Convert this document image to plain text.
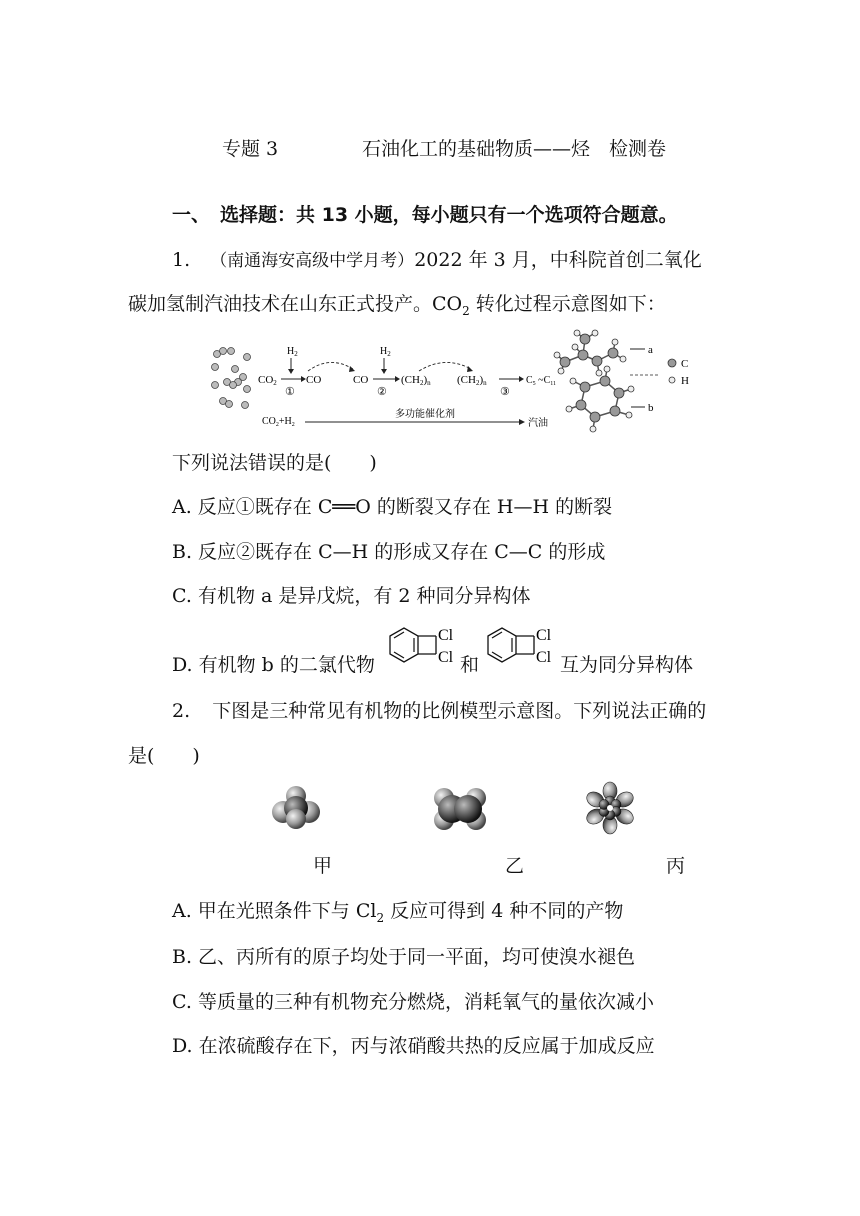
专题 3	石油化工的基础物质——烃　检测卷
一、 选择题：共 13 小题，每小题只有一个选项符合题意。
1. （南通海安高级中学月考）2022 年 3 月，中科院首创二氧化
碳加氢制汽油技术在山东正式投产。$CO_2$ 转化过程示意图如下：
$H_2$	$H_2$
CO2
①
CO	CO
②
(CH2)n (CH2)n
③
$C_5$ $\sim C_{11}$
$CO_2+H_2$
多功能催化剂
汽油
a
b
C
H
下列说法错误的是(　　)
A. 反应①既存在 C══O 的断裂又存在 H—H 的断裂
B. 反应②既存在 C—H 的形成又存在 C—C 的形成
C. 有机物 a 是异戊烷，有 2 种同分异构体
D. 有机物 b 的二氯代物
Cl
Cl 和
Cl
Cl 互为同分异构体
2. 下图是三种常见有机物的比例模型示意图。下列说法正确的
是(　　)
甲	乙	丙
A. 甲在光照条件下与 $Cl_2$ 反应可得到 4 种不同的产物
B. 乙、丙所有的原子均处于同一平面，均可使溴水褪色
C. 等质量的三种有机物充分燃烧，消耗氧气的量依次减小
D. 在浓硫酸存在下，丙与浓硝酸共热的反应属于加成反应
